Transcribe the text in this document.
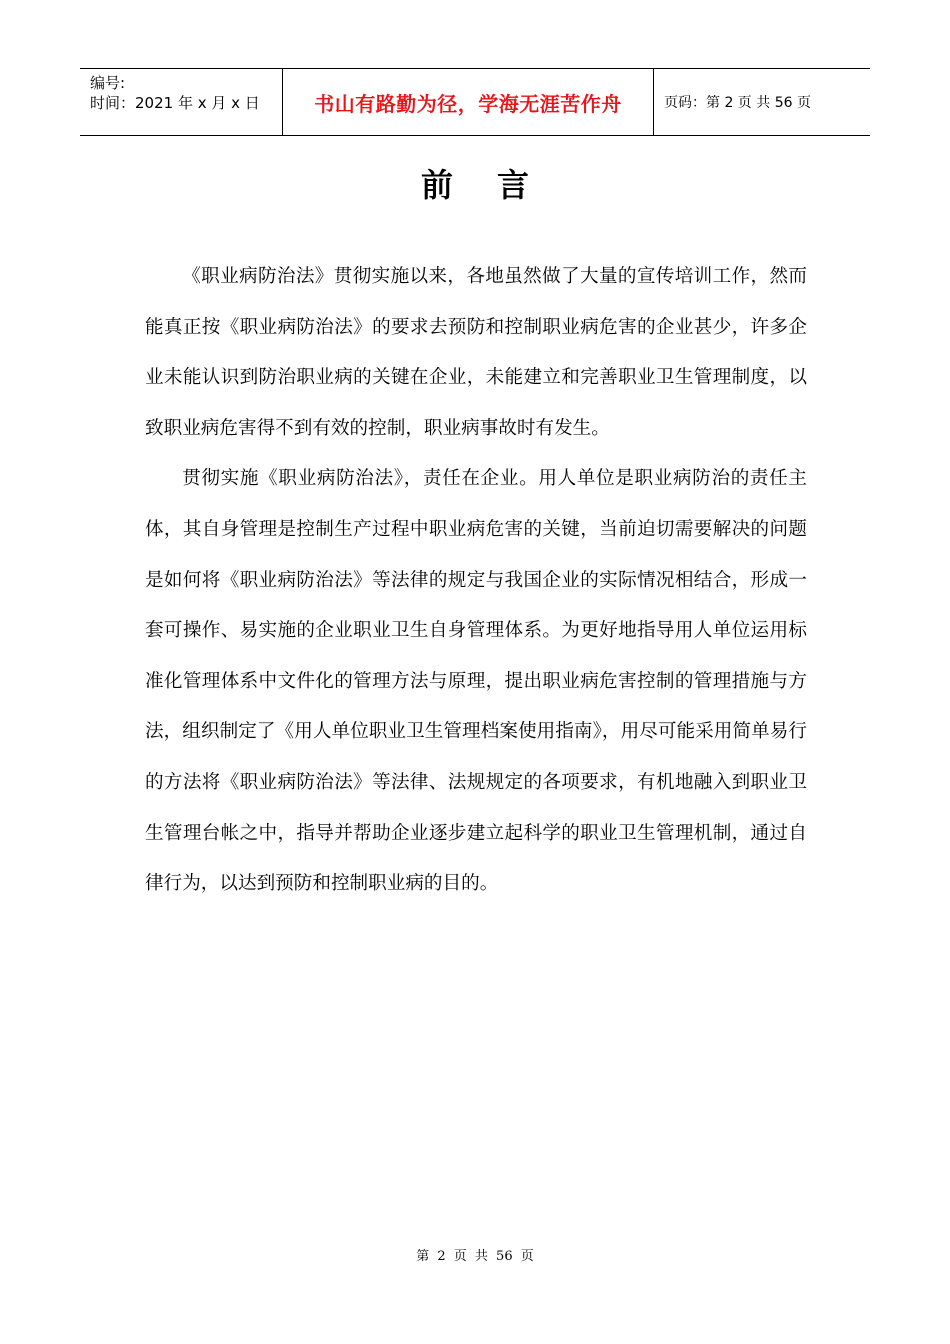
编号:
时间：2021 年 x 月 x 日	书山有路勤为径，学海无涯苦作舟	页码：第 2 页 共 56 页
前言

《职业病防治法》贯彻实施以来，各地虽然做了大量的宣传培训工作，然而能真正按《职业病防治法》的要求去预防和控制职业病危害的企业甚少，许多企业未能认识到防治职业病的关键在企业，未能建立和完善职业卫生管理制度，以致职业病危害得不到有效的控制，职业病事故时有发生。

贯彻实施《职业病防治法》，责任在企业。用人单位是职业病防治的责任主体，其自身管理是控制生产过程中职业病危害的关键，当前迫切需要解决的问题是如何将《职业病防治法》等法律的规定与我国企业的实际情况相结合，形成一套可操作、易实施的企业职业卫生自身管理体系。为更好地指导用人单位运用标准化管理体系中文件化的管理方法与原理，提出职业病危害控制的管理措施与方法，组织制定了《用人单位职业卫生管理档案使用指南》，用尽可能采用简单易行的方法将《职业病防治法》等法律、法规规定的各项要求，有机地融入到职业卫生管理台帐之中，指导并帮助企业逐步建立起科学的职业卫生管理机制，通过自律行为，以达到预防和控制职业病的目的。

第 2 页 共 56 页
